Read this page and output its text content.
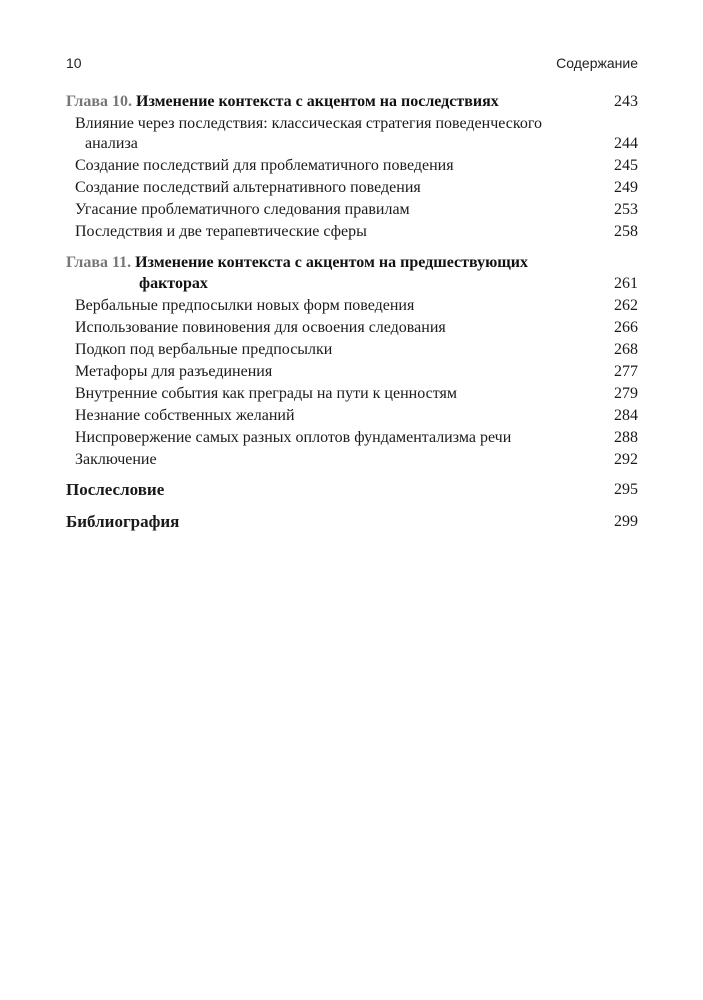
10	Содержание
Глава 10. Изменение контекста с акцентом на последствиях	243
Влияние через последствия: классическая стратегия поведенческого
анализа	244
Создание последствий для проблематичного поведения	245
Создание последствий альтернативного поведения	249
Угасание проблематичного следования правилам	253
Последствия и две терапевтические сферы	258
Глава 11. Изменение контекста с акцентом на предшествующих
факторах	261
Вербальные предпосылки новых форм поведения	262
Использование повиновения для освоения следования	266
Подкоп под вербальные предпосылки	268
Метафоры для разъединения	277
Внутренние события как преграды на пути к ценностям	279
Незнание собственных желаний	284
Ниспровержение самых разных оплотов фундаментализма речи	288
Заключение	292
Послесловие	295
Библиография	299
